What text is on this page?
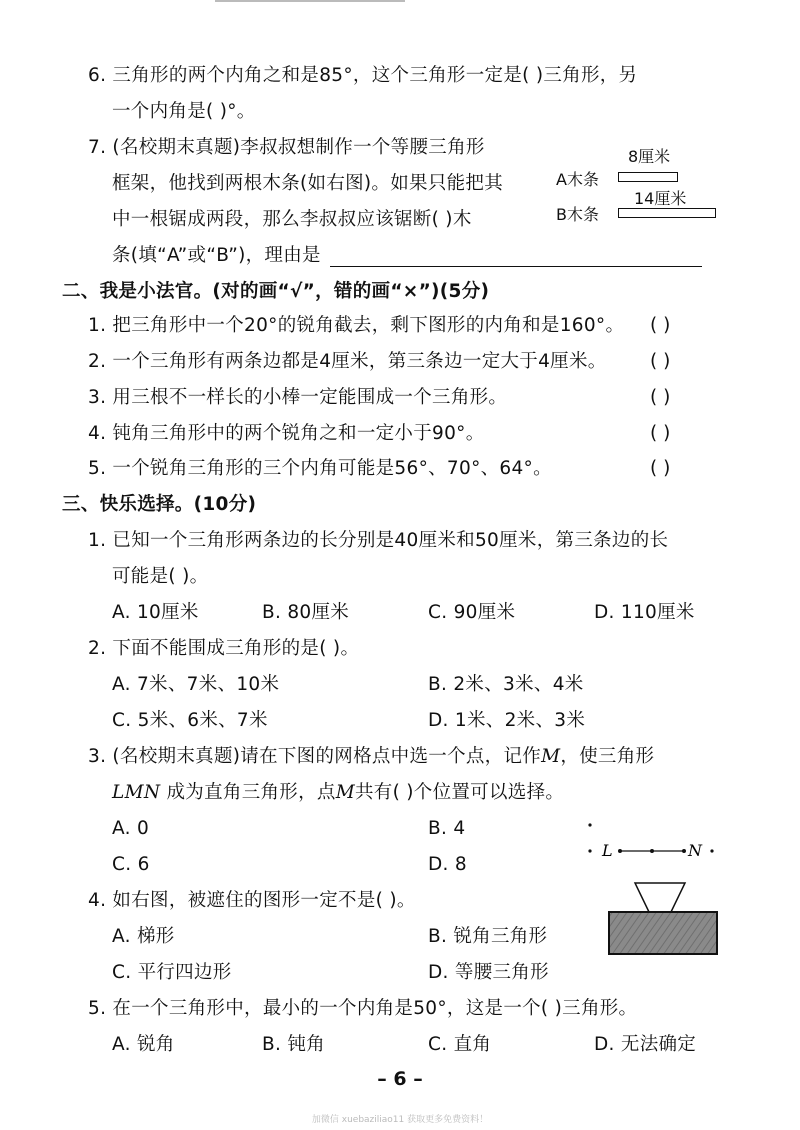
6. 三角形的两个内角之和是85°，这个三角形一定是( )三角形，另
一个内角是( )°。
7. (名校期末真题)李叔叔想制作一个等腰三角形
框架，他找到两根木条(如右图)。如果只能把其
中一根锯成两段，那么李叔叔应该锯断( )木
条(填“A”或“B”)，理由是
8厘米
A木条
14厘米
B木条
二、我是小法官。(对的画“√”，错的画“×”)(5分)
1. 把三角形中一个20°的锐角截去，剩下图形的内角和是160°。 ( )
2. 一个三角形有两条边都是4厘米，第三条边一定大于4厘米。 ( )
3. 用三根不一样长的小棒一定能围成一个三角形。	( )
4. 钝角三角形中的两个锐角之和一定小于90°。	( )
5. 一个锐角三角形的三个内角可能是56°、70°、64°。	( )
三、快乐选择。(10分)
1. 已知一个三角形两条边的长分别是40厘米和50厘米，第三条边的长
可能是( )。
A. 10厘米	B. 80厘米	C. 90厘米	D. 110厘米
2. 下面不能围成三角形的是( )。
A. 7米、7米、10米	B. 2米、3米、4米
C. 5米、6米、7米	D. 1米、2米、3米
3. (名校期末真题)请在下图的网格点中选一个点，记作M，使三角形
LMN 成为直角三角形，点M共有( )个位置可以选择。
A. 0	B. 4
C. 6	D. 8
L	N
4. 如右图，被遮住的图形一定不是( )。
A. 梯形	B. 锐角三角形
C. 平行四边形	D. 等腰三角形
5. 在一个三角形中，最小的一个内角是50°，这是一个( )三角形。
A. 锐角	B. 钝角	C. 直角	D. 无法确定
– 6 –
加微信 xuebaziliao11 获取更多免费资料！
